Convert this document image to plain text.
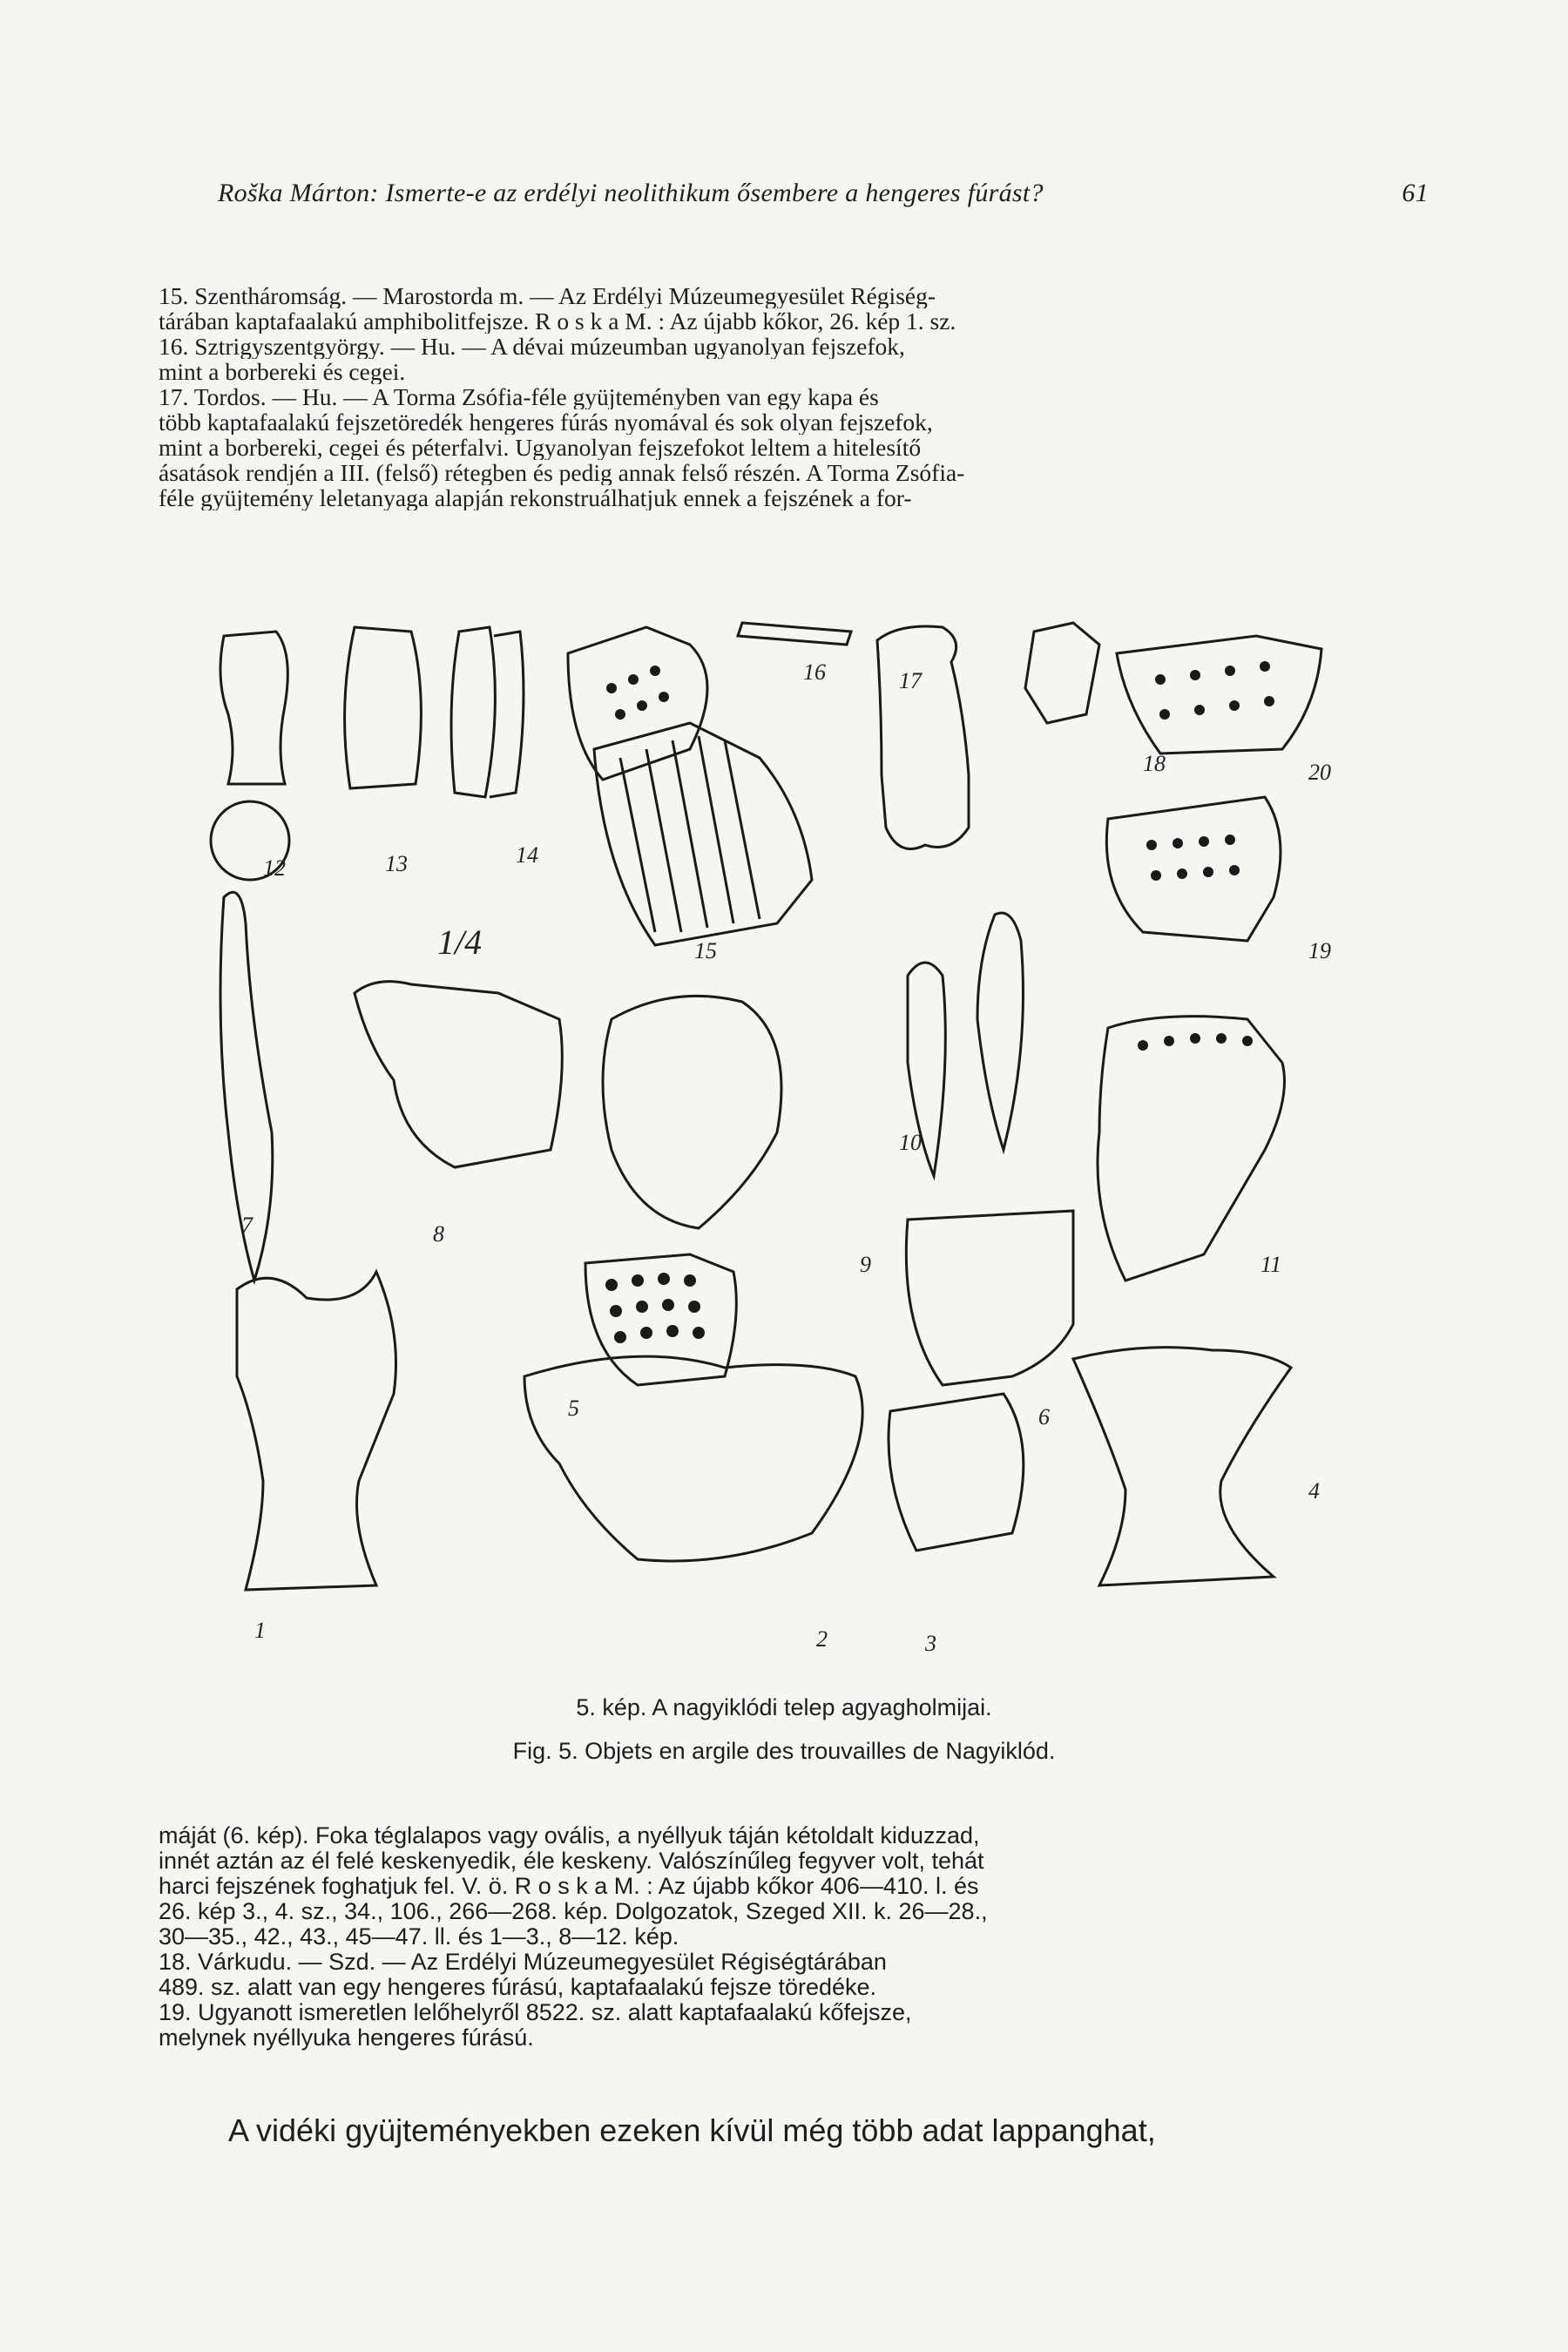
Roška Márton: Ismerte-e az erdélyi neolithikum ősembere a hengeres fúrást?	61
15. Szentháromság. — Marostorda m. — Az Erdélyi Múzeumegyesület Régiség-
tárában kaptafaalakú amphibolitfejsze. R o s k a M. : Az újabb kőkor, 26. kép 1. sz.
16. Sztrigyszentgyörgy. — Hu. — A dévai múzeumban ugyanolyan fejszefok,
mint a borbereki és cegei.
17. Tordos. — Hu. — A Torma Zsófia-féle gyüjteményben van egy kapa és
több kaptafaalakú fejszetöredék hengeres fúrás nyomával és sok olyan fejszefok,
mint a borbereki, cegei és péterfalvi. Ugyanolyan fejszefokot leltem a hitelesítő
ásatások rendjén a III. (felső) rétegben és pedig annak felső részén. A Torma Zsófia-
féle gyüjtemény leletanyaga alapján rekonstruálhatjuk ennek a fejszének a for-
12	13	14
16	17
18	20
1/4	15	19
10
7	8
9	11
5	6
4
1	2	3
5. kép. A nagyiklódi telep agyagholmijai.
Fig. 5. Objets en argile des trouvailles de Nagyiklód.
máját (6. kép). Foka téglalapos vagy ovális, a nyéllyuk táján kétoldalt kiduzzad,
innét aztán az él felé keskenyedik, éle keskeny. Valószínűleg fegyver volt, tehát
harci fejszének foghatjuk fel. V. ö. R o s k a M. : Az újabb kőkor 406—410. l. és
26. kép 3., 4. sz., 34., 106., 266—268. kép. Dolgozatok, Szeged XII. k. 26—28.,
30—35., 42., 43., 45—47. ll. és 1—3., 8—12. kép.
18. Várkudu. — Szd. — Az Erdélyi Múzeumegyesület Régiségtárában
489. sz. alatt van egy hengeres fúrású, kaptafaalakú fejsze töredéke.
19. Ugyanott ismeretlen lelőhelyről 8522. sz. alatt kaptafaalakú kőfejsze,
melynek nyéllyuka hengeres fúrású.
A vidéki gyüjteményekben ezeken kívül még több adat lappanghat,
